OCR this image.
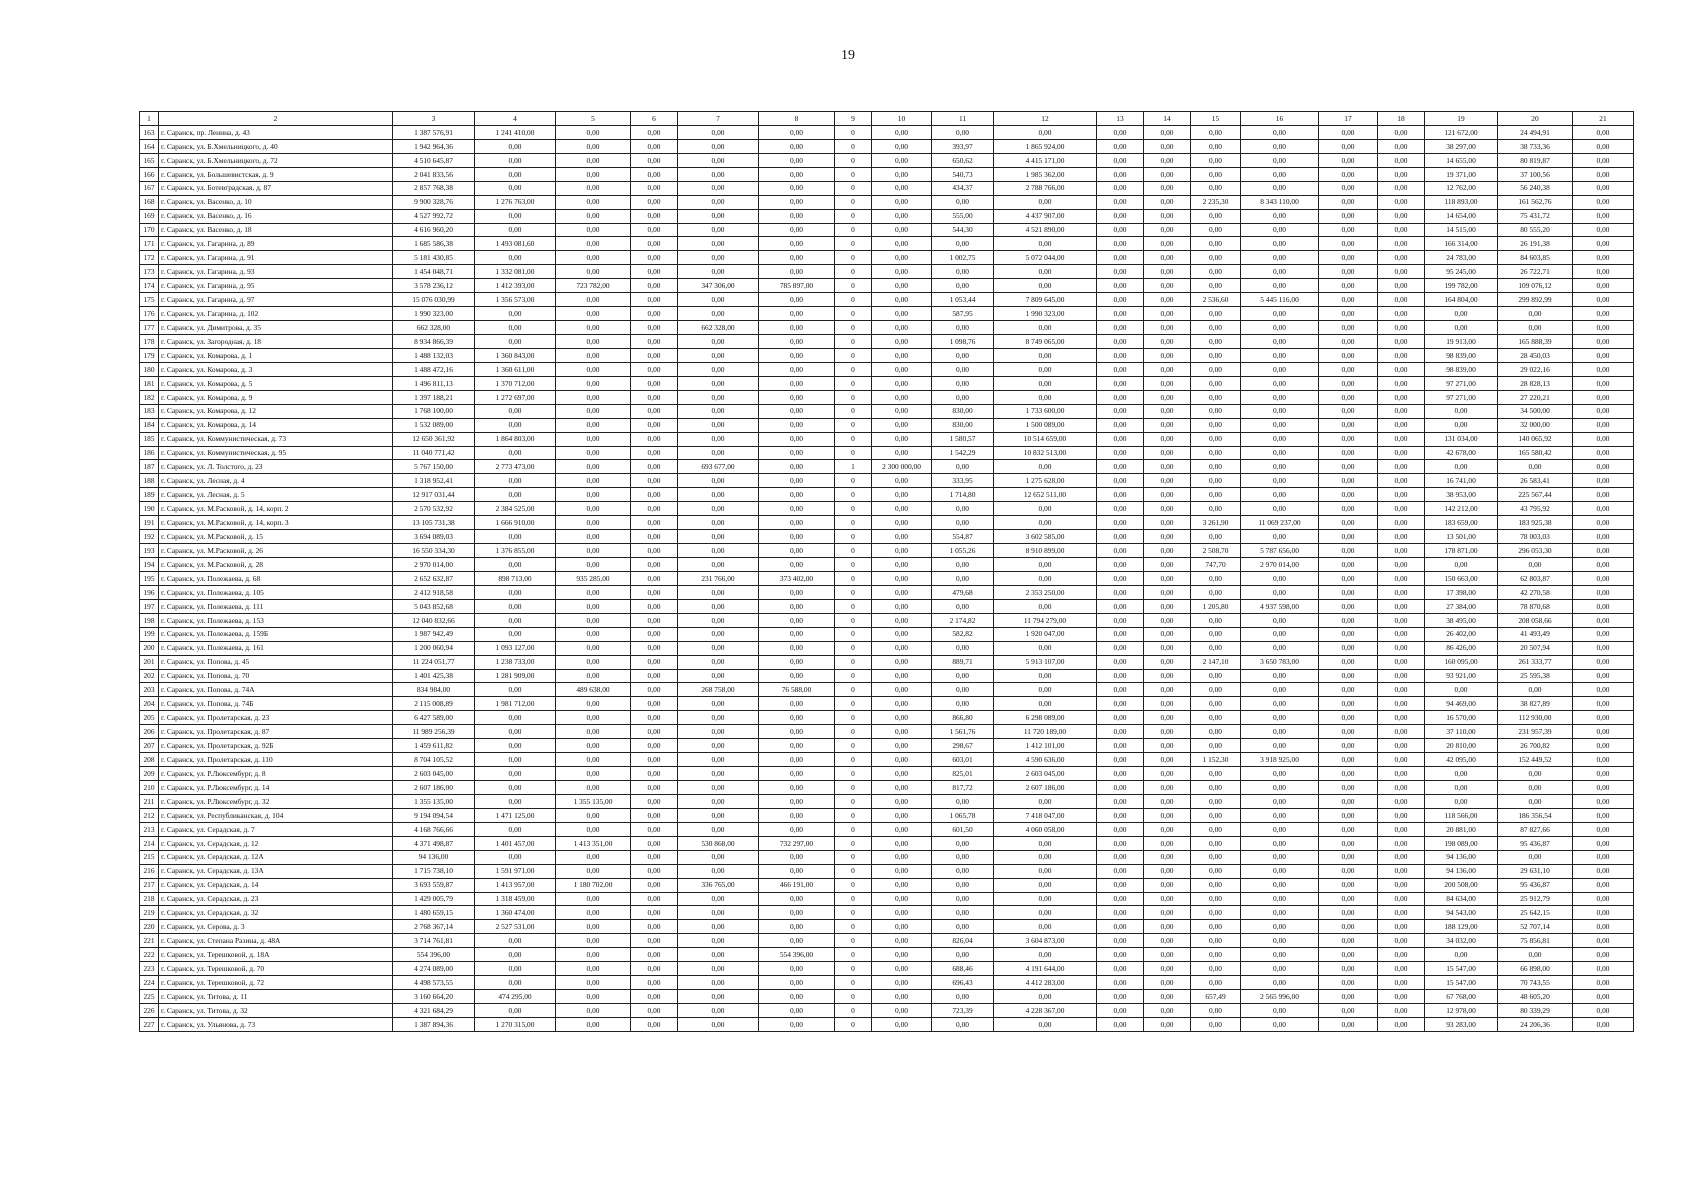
19
1	2	3	4	5	6	7	8	9	10	11	12	13	14	15	16	17	18	19	20	21
163	г. Саранск, пр. Ленина, д. 43	1 387 576,91	1 241 410,00	0,00	0,00	0,00	0,00	0	0,00	0,00	0,00	0,00	0,00	0,00	0,00	0,00	0,00	121 672,00	24 494,91	0,00
164	г. Саранск, ул. Б.Хмельницкого, д. 40	1 942 964,36	0,00	0,00	0,00	0,00	0,00	0	0,00	393,97	1 865 924,00	0,00	0,00	0,00	0,00	0,00	0,00	38 297,00	38 733,36	0,00
165	г. Саранск, ул. Б.Хмельницкого, д. 72	4 510 645,87	0,00	0,00	0,00	0,00	0,00	0	0,00	650,62	4 415 171,00	0,00	0,00	0,00	0,00	0,00	0,00	14 655,00	80 819,87	0,00
166	г. Саранск, ул. Большевистская, д. 9	2 041 833,56	0,00	0,00	0,00	0,00	0,00	0	0,00	540,73	1 985 362,00	0,00	0,00	0,00	0,00	0,00	0,00	19 371,00	37 100,56	0,00
167	г. Саранск, ул. Ботевградская, д. 87	2 857 768,38	0,00	0,00	0,00	0,00	0,00	0	0,00	434,37	2 788 766,00	0,00	0,00	0,00	0,00	0,00	0,00	12 762,00	56 240,38	0,00
168	г. Саранск, ул. Васенко, д. 10	9 900 328,76	1 276 763,00	0,00	0,00	0,00	0,00	0	0,00	0,00	0,00	0,00	0,00	2 235,30	8 343 110,00	0,00	0,00	118 893,00	161 562,76	0,00
169	г. Саранск, ул. Васенко, д. 16	4 527 992,72	0,00	0,00	0,00	0,00	0,00	0	0,00	555,00	4 437 907,00	0,00	0,00	0,00	0,00	0,00	0,00	14 654,00	75 431,72	0,00
170	г. Саранск, ул. Васенко, д. 18	4 616 960,20	0,00	0,00	0,00	0,00	0,00	0	0,00	544,30	4 521 890,00	0,00	0,00	0,00	0,00	0,00	0,00	14 515,00	80 555,20	0,00
171	г. Саранск, ул. Гагарина, д. 89	1 685 586,38	1 493 081,60	0,00	0,00	0,00	0,00	0	0,00	0,00	0,00	0,00	0,00	0,00	0,00	0,00	0,00	166 314,00	26 191,38	0,00
172	г. Саранск, ул. Гагарина, д. 91	5 181 430,85	0,00	0,00	0,00	0,00	0,00	0	0,00	1 002,75	5 072 044,00	0,00	0,00	0,00	0,00	0,00	0,00	24 783,00	84 603,85	0,00
173	г. Саранск, ул. Гагарина, д. 93	1 454 048,71	1 332 081,00	0,00	0,00	0,00	0,00	0	0,00	0,00	0,00	0,00	0,00	0,00	0,00	0,00	0,00	95 245,00	26 722,71	0,00
174	г. Саранск, ул. Гагарина, д. 95	3 578 236,12	1 412 393,00	723 782,00	0,00	347 306,00	785 897,00	0	0,00	0,00	0,00	0,00	0,00	0,00	0,00	0,00	0,00	199 782,00	109 076,12	0,00
175	г. Саранск, ул. Гагарина, д. 97	15 076 030,99	1 356 573,00	0,00	0,00	0,00	0,00	0	0,00	1 053,44	7 809 645,00	0,00	0,00	2 536,60	5 445 116,00	0,00	0,00	164 804,00	299 892,99	0,00
176	г. Саранск, ул. Гагарина, д. 102	1 990 323,00	0,00	0,00	0,00	0,00	0,00	0	0,00	587,95	1 990 323,00	0,00	0,00	0,00	0,00	0,00	0,00	0,00	0,00	0,00
177	г. Саранск, ул. Димитрова, д. 35	662 328,00	0,00	0,00	0,00	662 328,00	0,00	0	0,00	0,00	0,00	0,00	0,00	0,00	0,00	0,00	0,00	0,00	0,00	0,00
178	г. Саранск, ул. Загородная, д. 18	8 934 866,39	0,00	0,00	0,00	0,00	0,00	0	0,00	1 098,76	8 749 065,00	0,00	0,00	0,00	0,00	0,00	0,00	19 913,00	165 888,39	0,00
179	г. Саранск, ул. Комарова, д. 1	1 488 132,03	1 360 843,00	0,00	0,00	0,00	0,00	0	0,00	0,00	0,00	0,00	0,00	0,00	0,00	0,00	0,00	98 839,00	28 450,03	0,00
180	г. Саранск, ул. Комарова, д. 3	1 488 472,16	1 360 611,00	0,00	0,00	0,00	0,00	0	0,00	0,00	0,00	0,00	0,00	0,00	0,00	0,00	0,00	98 839,00	29 022,16	0,00
181	г. Саранск, ул. Комарова, д. 5	1 496 811,13	1 370 712,00	0,00	0,00	0,00	0,00	0	0,00	0,00	0,00	0,00	0,00	0,00	0,00	0,00	0,00	97 271,00	28 828,13	0,00
182	г. Саранск, ул. Комарова, д. 9	1 397 188,21	1 272 697,00	0,00	0,00	0,00	0,00	0	0,00	0,00	0,00	0,00	0,00	0,00	0,00	0,00	0,00	97 271,00	27 220,21	0,00
183	г. Саранск, ул. Комарова, д. 12	1 768 100,00	0,00	0,00	0,00	0,00	0,00	0	0,00	830,00	1 733 600,00	0,00	0,00	0,00	0,00	0,00	0,00	0,00	34 500,00	0,00
184	г. Саранск, ул. Комарова, д. 14	1 532 089,00	0,00	0,00	0,00	0,00	0,00	0	0,00	830,00	1 500 089,00	0,00	0,00	0,00	0,00	0,00	0,00	0,00	32 000,00	0,00
185	г. Саранск, ул. Коммунистическая, д. 73	12 650 361,92	1 864 803,00	0,00	0,00	0,00	0,00	0	0,00	1 580,57	10 514 659,00	0,00	0,00	0,00	0,00	0,00	0,00	131 034,00	140 065,92	0,00
186	г. Саранск, ул. Коммунистическая, д. 95	11 040 771,42	0,00	0,00	0,00	0,00	0,00	0	0,00	1 542,29	10 832 513,00	0,00	0,00	0,00	0,00	0,00	0,00	42 678,00	165 580,42	0,00
187	г. Саранск, ул. Л. Толстого, д. 23	5 767 150,00	2 773 473,00	0,00	0,00	693 677,00	0,00	1	2 300 000,00	0,00	0,00	0,00	0,00	0,00	0,00	0,00	0,00	0,00	0,00	0,00
188	г. Саранск, ул. Лесная, д. 4	1 318 952,41	0,00	0,00	0,00	0,00	0,00	0	0,00	333,95	1 275 628,00	0,00	0,00	0,00	0,00	0,00	0,00	16 741,00	26 583,41	0,00
189	г. Саранск, ул. Лесная, д. 5	12 917 031,44	0,00	0,00	0,00	0,00	0,00	0	0,00	1 714,80	12 652 511,00	0,00	0,00	0,00	0,00	0,00	0,00	38 953,00	225 567,44	0,00
190	г. Саранск, ул. М.Расковой, д. 14, корп. 2	2 570 532,92	2 384 525,00	0,00	0,00	0,00	0,00	0	0,00	0,00	0,00	0,00	0,00	0,00	0,00	0,00	0,00	142 212,00	43 795,92	0,00
191	г. Саранск, ул. М.Расковой, д. 14, корп. 3	13 105 731,38	1 666 910,00	0,00	0,00	0,00	0,00	0	0,00	0,00	0,00	0,00	0,00	3 261,90	11 069 237,00	0,00	0,00	183 659,00	183 925,38	0,00
192	г. Саранск, ул. М.Расковой, д. 15	3 694 089,03	0,00	0,00	0,00	0,00	0,00	0	0,00	554,87	3 602 585,00	0,00	0,00	0,00	0,00	0,00	0,00	13 501,00	78 003,03	0,00
193	г. Саранск, ул. М.Расковой, д. 26	16 550 334,30	1 376 855,00	0,00	0,00	0,00	0,00	0	0,00	1 055,26	8 910 899,00	0,00	0,00	2 508,70	5 787 656,00	0,00	0,00	178 871,00	296 053,30	0,00
194	г. Саранск, ул. М.Расковой, д. 28	2 970 014,00	0,00	0,00	0,00	0,00	0,00	0	0,00	0,00	0,00	0,00	0,00	747,70	2 970 014,00	0,00	0,00	0,00	0,00	0,00
195	г. Саранск, ул. Полежаева, д. 68	2 652 632,87	898 713,00	935 285,00	0,00	231 766,00	373 402,00	0	0,00	0,00	0,00	0,00	0,00	0,00	0,00	0,00	0,00	150 663,00	62 803,87	0,00
196	г. Саранск, ул. Полежаева, д. 105	2 412 918,58	0,00	0,00	0,00	0,00	0,00	0	0,00	479,68	2 353 250,00	0,00	0,00	0,00	0,00	0,00	0,00	17 398,00	42 270,58	0,00
197	г. Саранск, ул. Полежаева, д. 111	5 043 852,68	0,00	0,00	0,00	0,00	0,00	0	0,00	0,00	0,00	0,00	0,00	1 205,80	4 937 598,00	0,00	0,00	27 384,00	78 870,68	0,00
198	г. Саранск, ул. Полежаева, д. 153	12 040 832,66	0,00	0,00	0,00	0,00	0,00	0	0,00	2 174,82	11 794 279,00	0,00	0,00	0,00	0,00	0,00	0,00	38 495,00	208 058,66	0,00
199	г. Саранск, ул. Полежаева, д. 159Б	1 987 942,49	0,00	0,00	0,00	0,00	0,00	0	0,00	582,82	1 920 047,00	0,00	0,00	0,00	0,00	0,00	0,00	26 402,00	41 493,49	0,00
200	г. Саранск, ул. Полежаева, д. 161	1 200 060,94	1 093 127,00	0,00	0,00	0,00	0,00	0	0,00	0,00	0,00	0,00	0,00	0,00	0,00	0,00	0,00	86 426,00	20 507,94	0,00
201	г. Саранск, ул. Попова, д. 45	11 224 051,77	1 238 733,00	0,00	0,00	0,00	0,00	0	0,00	889,71	5 913 107,00	0,00	0,00	2 147,10	3 650 783,00	0,00	0,00	160 095,00	261 333,77	0,00
202	г. Саранск, ул. Попова, д. 70	1 401 425,38	1 281 909,00	0,00	0,00	0,00	0,00	0	0,00	0,00	0,00	0,00	0,00	0,00	0,00	0,00	0,00	93 921,00	25 595,38	0,00
203	г. Саранск, ул. Попова, д. 74А	834 984,00	0,00	489 638,00	0,00	268 758,00	76 588,00	0	0,00	0,00	0,00	0,00	0,00	0,00	0,00	0,00	0,00	0,00	0,00	0,00
204	г. Саранск, ул. Попова, д. 74Б	2 115 008,89	1 981 712,00	0,00	0,00	0,00	0,00	0	0,00	0,00	0,00	0,00	0,00	0,00	0,00	0,00	0,00	94 469,00	38 827,89	0,00
205	г. Саранск, ул. Пролетарская, д. 23	6 427 589,00	0,00	0,00	0,00	0,00	0,00	0	0,00	866,80	6 298 089,00	0,00	0,00	0,00	0,00	0,00	0,00	16 570,00	112 930,00	0,00
206	г. Саранск, ул. Пролетарская, д. 87	11 989 256,39	0,00	0,00	0,00	0,00	0,00	0	0,00	1 561,76	11 720 189,00	0,00	0,00	0,00	0,00	0,00	0,00	37 110,00	231 957,39	0,00
207	г. Саранск, ул. Пролетарская, д. 92Б	1 459 611,82	0,00	0,00	0,00	0,00	0,00	0	0,00	298,67	1 412 101,00	0,00	0,00	0,00	0,00	0,00	0,00	20 810,00	26 700,82	0,00
208	г. Саранск, ул. Пролетарская, д. 110	8 704 105,52	0,00	0,00	0,00	0,00	0,00	0	0,00	603,01	4 590 636,00	0,00	0,00	1 152,30	3 918 925,00	0,00	0,00	42 095,00	152 449,52	0,00
209	г. Саранск, ул. Р.Люксембург, д. 8	2 603 045,00	0,00	0,00	0,00	0,00	0,00	0	0,00	825,01	2 603 045,00	0,00	0,00	0,00	0,00	0,00	0,00	0,00	0,00	0,00
210	г. Саранск, ул. Р.Люксембург, д. 14	2 607 186,00	0,00	0,00	0,00	0,00	0,00	0	0,00	817,72	2 607 186,00	0,00	0,00	0,00	0,00	0,00	0,00	0,00	0,00	0,00
211	г. Саранск, ул. Р.Люксембург, д. 32	1 355 135,00	0,00	1 355 135,00	0,00	0,00	0,00	0	0,00	0,00	0,00	0,00	0,00	0,00	0,00	0,00	0,00	0,00	0,00	0,00
212	г. Саранск, ул. Республиканская, д. 104	9 194 094,54	1 471 125,00	0,00	0,00	0,00	0,00	0	0,00	1 065,78	7 418 047,00	0,00	0,00	0,00	0,00	0,00	0,00	118 566,00	186 356,54	0,00
213	г. Саранск, ул. Серадская, д. 7	4 168 766,66	0,00	0,00	0,00	0,00	0,00	0	0,00	601,50	4 060 058,00	0,00	0,00	0,00	0,00	0,00	0,00	20 881,00	87 827,66	0,00
214	г. Саранск, ул. Серадская, д. 12	4 371 498,87	1 401 457,00	1 413 351,00	0,00	530 868,00	732 297,00	0	0,00	0,00	0,00	0,00	0,00	0,00	0,00	0,00	0,00	198 089,00	95 436,87	0,00
215	г. Саранск, ул. Серадская, д. 12А	94 136,00	0,00	0,00	0,00	0,00	0,00	0	0,00	0,00	0,00	0,00	0,00	0,00	0,00	0,00	0,00	94 136,00	0,00	0,00
216	г. Саранск, ул. Серадская, д. 13А	1 715 738,10	1 591 971,00	0,00	0,00	0,00	0,00	0	0,00	0,00	0,00	0,00	0,00	0,00	0,00	0,00	0,00	94 136,00	29 631,10	0,00
217	г. Саранск, ул. Серадская, д. 14	3 693 559,87	1 413 957,00	1 180 702,00	0,00	336 765,00	466 191,00	0	0,00	0,00	0,00	0,00	0,00	0,00	0,00	0,00	0,00	200 508,00	95 436,87	0,00
218	г. Саранск, ул. Серадская, д. 23	1 429 005,79	1 318 459,00	0,00	0,00	0,00	0,00	0	0,00	0,00	0,00	0,00	0,00	0,00	0,00	0,00	0,00	84 634,00	25 912,79	0,00
219	г. Саранск, ул. Серадская, д. 32	1 480 659,15	1 360 474,00	0,00	0,00	0,00	0,00	0	0,00	0,00	0,00	0,00	0,00	0,00	0,00	0,00	0,00	94 543,00	25 642,15	0,00
220	г. Саранск, ул. Серова, д. 3	2 768 367,14	2 527 531,00	0,00	0,00	0,00	0,00	0	0,00	0,00	0,00	0,00	0,00	0,00	0,00	0,00	0,00	188 129,00	52 707,14	0,00
221	г. Саранск, ул. Степана Разина, д. 48А	3 714 761,81	0,00	0,00	0,00	0,00	0,00	0	0,00	826,04	3 604 873,00	0,00	0,00	0,00	0,00	0,00	0,00	34 032,00	75 856,81	0,00
222	г. Саранск, ул. Терешковой, д. 18А	554 396,00	0,00	0,00	0,00	0,00	554 396,00	0	0,00	0,00	0,00	0,00	0,00	0,00	0,00	0,00	0,00	0,00	0,00	0,00
223	г. Саранск, ул. Терешковой, д. 70	4 274 089,00	0,00	0,00	0,00	0,00	0,00	0	0,00	688,46	4 191 644,00	0,00	0,00	0,00	0,00	0,00	0,00	15 547,00	66 898,00	0,00
224	г. Саранск, ул. Терешковой, д. 72	4 498 573,55	0,00	0,00	0,00	0,00	0,00	0	0,00	696,43	4 412 283,00	0,00	0,00	0,00	0,00	0,00	0,00	15 547,00	70 743,55	0,00
225	г. Саранск, ул. Титова, д. 11	3 160 664,20	474 295,00	0,00	0,00	0,00	0,00	0	0,00	0,00	0,00	0,00	0,00	657,49	2 565 996,00	0,00	0,00	67 768,00	48 605,20	0,00
226	г. Саранск, ул. Титова, д. 32	4 321 684,29	0,00	0,00	0,00	0,00	0,00	0	0,00	723,39	4 228 367,00	0,00	0,00	0,00	0,00	0,00	0,00	12 978,00	80 339,29	0,00
227	г. Саранск, ул. Ульянова, д. 73	1 387 894,36	1 270 315,00	0,00	0,00	0,00	0,00	0	0,00	0,00	0,00	0,00	0,00	0,00	0,00	0,00	0,00	93 283,00	24 206,36	0,00
